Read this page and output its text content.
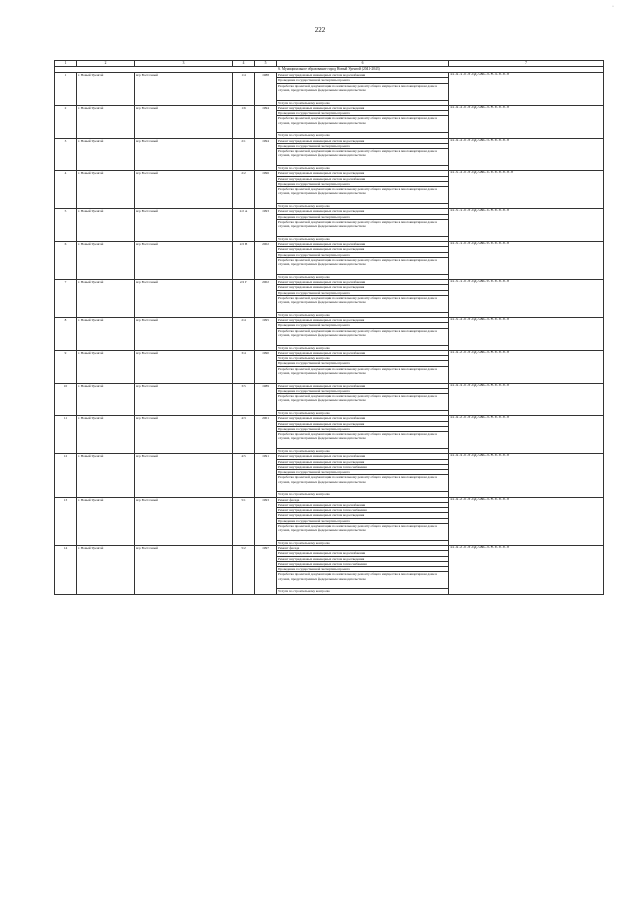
222
·
1	2	3	4	5	6	7
6. Муниципальное образование город Новый Уренгой (2041-2043)						
1	г. Новый Уренгой	м/р Восточный	1/4	1988	Ремонт внутридомовых инженерных систем водоснабжения	11-9-1-П-0-ПД-СЖБ-Л-М-4-0-0-0
					Проведение государственной экспертизы проекта	
					Разработка проектной документации по капитальному ремонту общего имущества в многоквартирном доме в случаях, предусмотренных федеральным законодательством	
					Услуги по строительному контролю	
2	г. Новый Уренгой	м/р Восточный	1/6	1994	Ремонт внутридомовых инженерных систем водоотведения	11-9-3-П-0-ПД-СЖБ-Л-М-0-0-0-0
					Проведение государственной экспертизы проекта	
					Разработка проектной документации по капитальному ремонту общего имущества в многоквартирном доме в случаях, предусмотренных федеральным законодательством	
					Услуги по строительному контролю	
3	г. Новый Уренгой	м/р Восточный	2/1	1994	Ремонт внутридомовых инженерных систем водоотведения	11-9-3-П-0-ПД-СЖБ-П-М-0-0-0-0
					Проведение государственной экспертизы проекта	
					Разработка проектной документации по капитальному ремонту общего имущества в многоквартирном доме в случаях, предусмотренных федеральным законодательством	
					Услуги по строительному контролю	
4	г. Новый Уренгой	м/р Восточный	2/2	1996	Ремонт внутридомовых инженерных систем водоотведения	11-5-3-П-0-ПД-СЖБ-4-0-0-0-0-0-0
					Ремонт внутридомовых инженерных систем водоснабжения	
					Проведение государственной экспертизы проекта	
					Разработка проектной документации по капитальному ремонту общего имущества в многоквартирном доме в случаях, предусмотренных федеральным законодательством	
					Услуги по строительному контролю	
5	г. Новый Уренгой	м/р Восточный	2/2 А	1993	Ремонт внутридомовых инженерных систем водоотведения	11-5-1-П-0-ПД-СЖБ-4-М-0-0-0-0
					Проведение государственной экспертизы проекта	
					Разработка проектной документации по капитальному ремонту общего имущества в многоквартирном доме в случаях, предусмотренных федеральным законодательством	
					Услуги по строительному контролю	
6	г. Новый Уренгой	м/р Восточный	2/2 В	2002	Ремонт внутридомовых инженерных систем водоснабжения	11-5-1-П-0-ПД-СЖБ-0-0-0-0-0-0
					Ремонт внутридомовых инженерных систем водоотведения	
					Проведение государственной экспертизы проекта	
					Разработка проектной документации по капитальному ремонту общего имущества в многоквартирном доме в случаях, предусмотренных федеральным законодательством	
					Услуги по строительному контролю	
7	г. Новый Уренгой	м/р Восточный	2/2 Г	2002	Ремонт внутридомовых инженерных систем водоснабжения	11-5-1-П-0-ПД-СЖБ-0-0-0-0-0-0
					Ремонт внутридомовых инженерных систем водоотведения	
					Проведение государственной экспертизы проекта	
					Разработка проектной документации по капитальному ремонту общего имущества в многоквартирном доме в случаях, предусмотренных федеральным законодательством	
					Услуги по строительному контролю	
8	г. Новый Уренгой	м/р Восточный	2/4	1995	Ремонт внутридомовых инженерных систем водоотведения	11-5-3-П-0-ПД-СЖБ-Л-М-0-0-0-0
					Проведение государственной экспертизы проекта	
					Разработка проектной документации по капитальному ремонту общего имущества в многоквартирном доме в случаях, предусмотренных федеральным законодательством	
					Услуги по строительному контролю	
9	г. Новый Уренгой	м/р Восточный	3/4	1990	Ремонт внутридомовых инженерных систем водоснабжения	11-9-2-П-0-ПД-СЖБ-Л-М-0-0-0-0
					Услуги по строительному контролю	
					Проведение государственной экспертизы проекта	
					Разработка проектной документации по капитальному ремонту общего имущества в многоквартирном доме в случаях, предусмотренных федеральным законодательством	
10	г. Новый Уренгой	м/р Восточный	3/5	1989	Ремонт внутридомовых инженерных систем водоснабжения	11-9-4-П-0-ПД-СЖБ-Л-М-0-0-0-0
					Проведение государственной экспертизы проекта	
					Разработка проектной документации по капитальному ремонту общего имущества в многоквартирном доме в случаях, предусмотренных федеральным законодательством	
					Услуги по строительному контролю	
11	г. Новый Уренгой	м/р Восточный	4/3	2001	Ремонт внутридомовых инженерных систем водоснабжения	11-9-2-П-0-ПД-СЖБ-Л-М-0-0-0-0
					Ремонт внутридомовых инженерных систем водоотведения	
					Проведение государственной экспертизы проекта	
					Разработка проектной документации по капитальному ремонту общего имущества в многоквартирном доме в случаях, предусмотренных федеральным законодательством	
					Услуги по строительному контролю	
12	г. Новый Уренгой	м/р Восточный	4/5	1991	Ремонт внутридомовых инженерных систем водоснабжения	11-9-4-П-0-ПД-СЖБ-Л-М-0-0-0-0
					Ремонт внутридомовых инженерных систем водоотведения	
					Ремонт внутридомовых инженерных систем теплоснабжения	
					Проведение государственной экспертизы проекта	
					Разработка проектной документации по капитальному ремонту общего имущества в многоквартирном доме в случаях, предусмотренных федеральным законодательством	
					Услуги по строительному контролю	
13	г. Новый Уренгой	м/р Восточный	5/1	1993	Ремонт фасада	11-9-2-П-0-ПД-СЖБ-Л-М-0-0-0-0
					Ремонт внутридомовых инженерных систем водоснабжения	
					Ремонт внутридомовых инженерных систем теплоснабжения	
					Ремонт внутридомовых инженерных систем водоотведения	
					Проведение государственной экспертизы проекта	
					Разработка проектной документации по капитальному ремонту общего имущества в многоквартирном доме в случаях, предусмотренных федеральным законодательством	
					Услуги по строительному контролю	
14	г. Новый Уренгой	м/р Восточный	5/2	1997	Ремонт фасада	11-9-2-П-0-ПД-СЖБ-Л-М-0-0-0-0
					Ремонт внутридомовых инженерных систем водоснабжения	
					Ремонт внутридомовых инженерных систем водоотведения	
					Ремонт внутридомовых инженерных систем теплоснабжения	
					Проведение государственной экспертизы проекта	
					Разработка проектной документации по капитальному ремонту общего имущества в многоквартирном доме в случаях, предусмотренных федеральным законодательством	
					Услуги по строительному контролю	
